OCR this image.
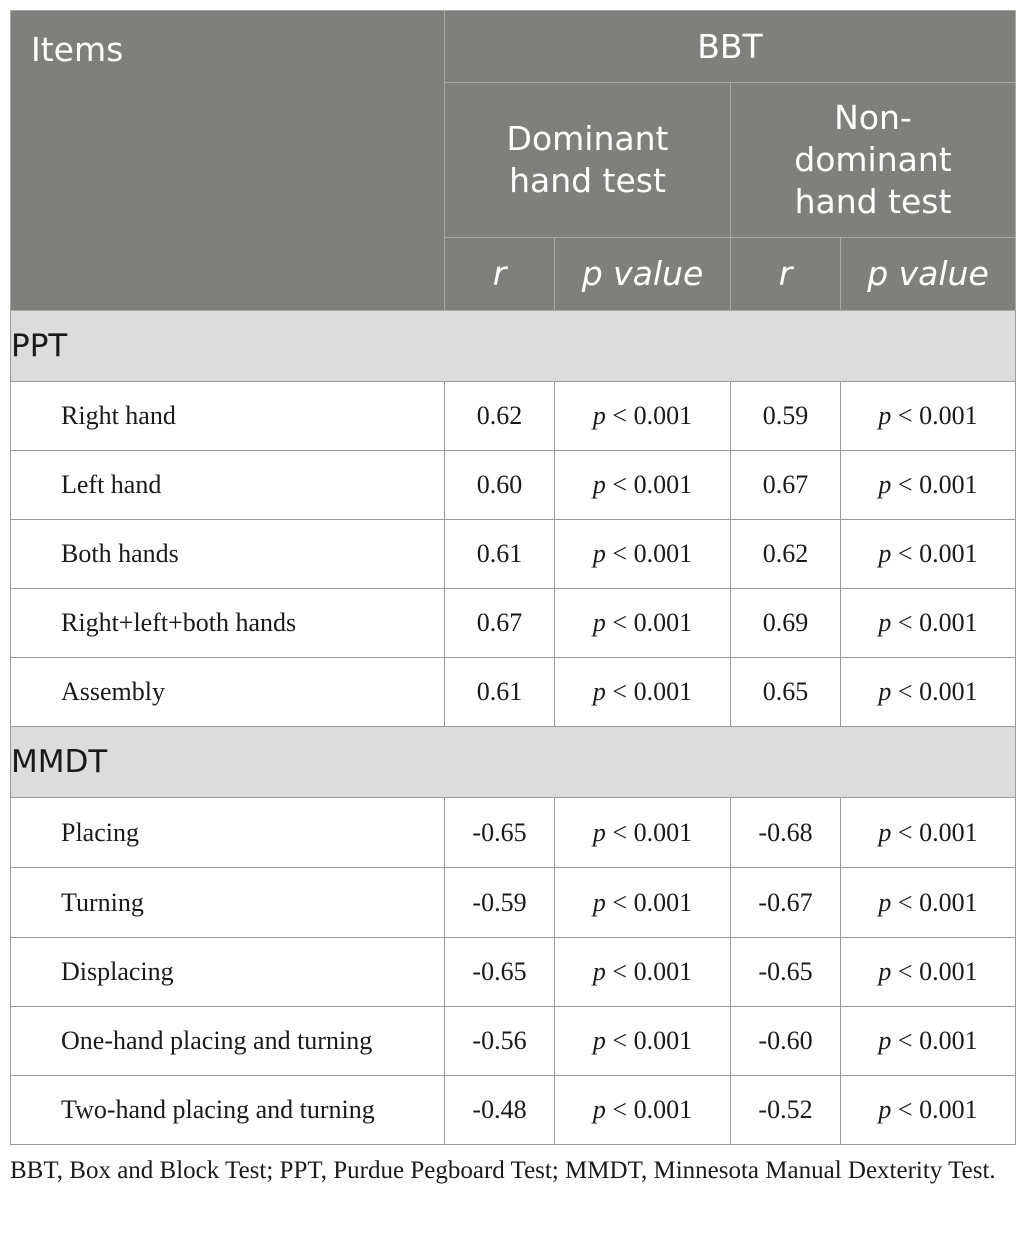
Items	BBT			
	Dominant hand test		Non-dominant hand test	
	r	p value	r	p value
PPT				
Right hand	0.62	p < 0.001	0.59	p < 0.001
Left hand	0.60	p < 0.001	0.67	p < 0.001
Both hands	0.61	p < 0.001	0.62	p < 0.001
Right+left+both hands	0.67	p < 0.001	0.69	p < 0.001
Assembly	0.61	p < 0.001	0.65	p < 0.001
MMDT				
Placing	-0.65	p < 0.001	-0.68	p < 0.001
Turning	-0.59	p < 0.001	-0.67	p < 0.001
Displacing	-0.65	p < 0.001	-0.65	p < 0.001
One-hand placing and turning	-0.56	p < 0.001	-0.60	p < 0.001
Two-hand placing and turning	-0.48	p < 0.001	-0.52	p < 0.001
BBT, Box and Block Test; PPT, Purdue Pegboard Test; MMDT, Minnesota Manual Dexterity Test.
